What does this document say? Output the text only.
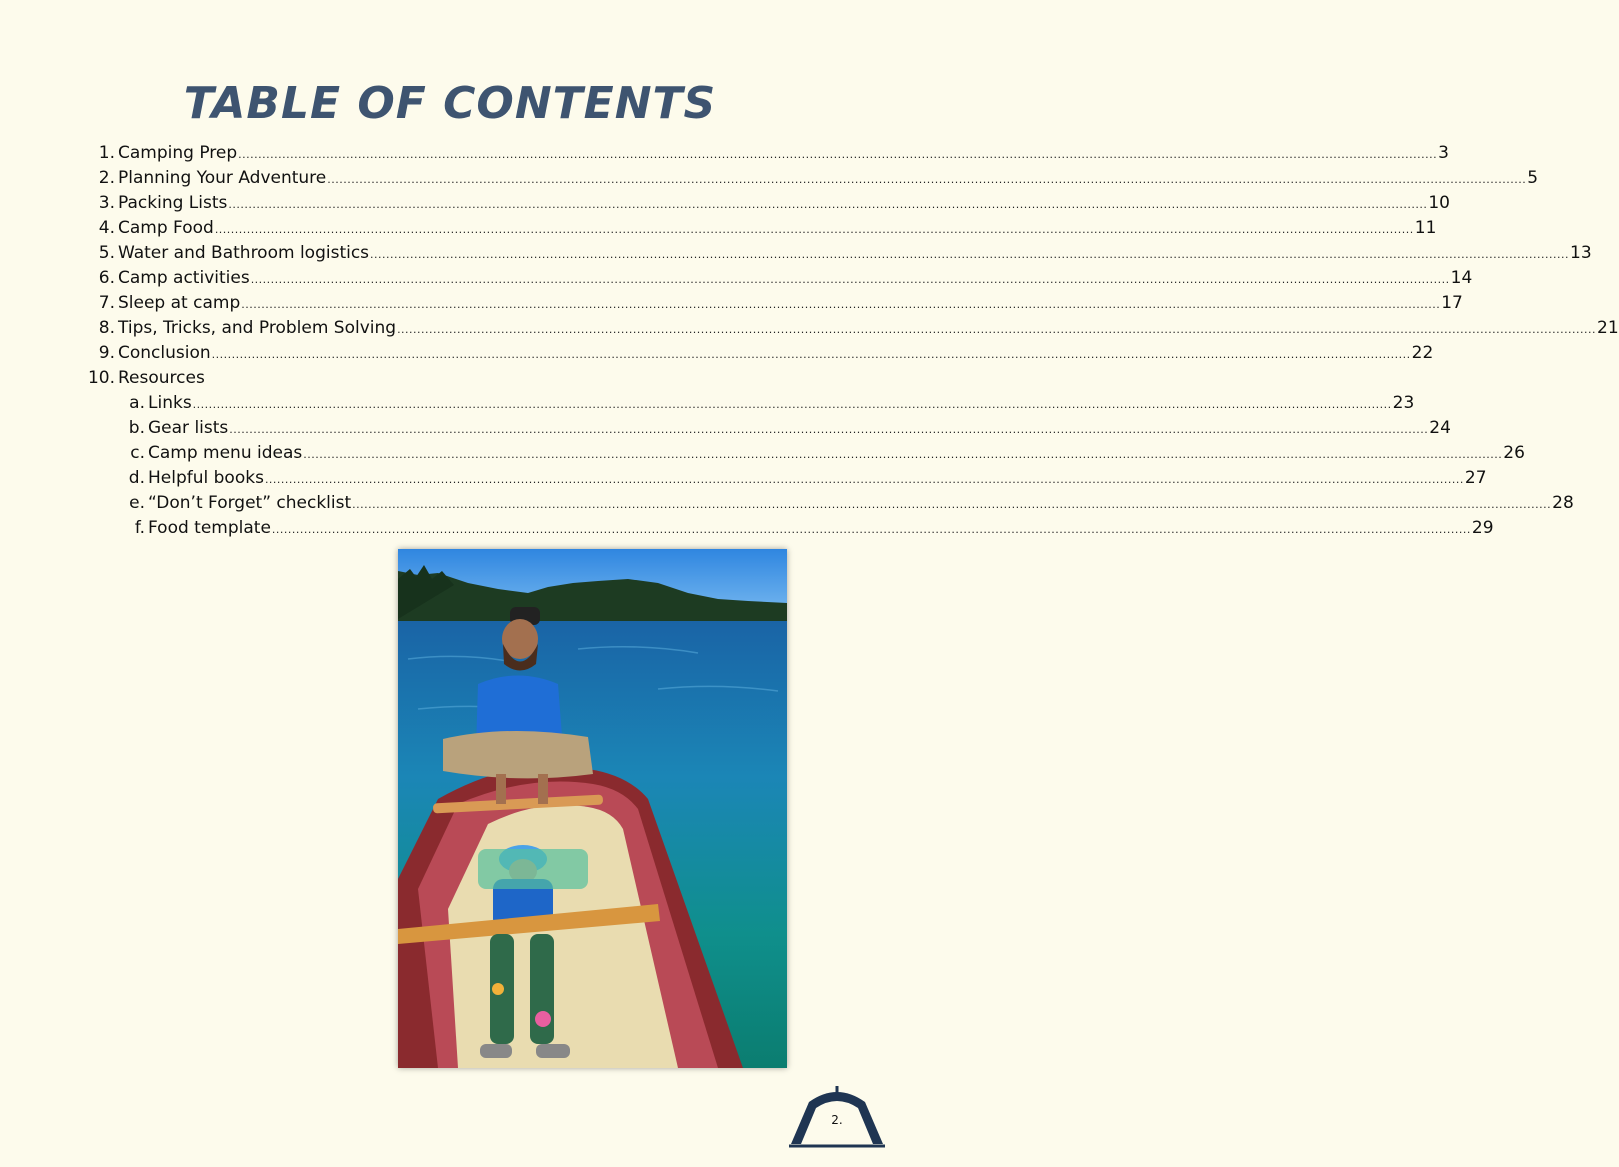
TABLE OF CONTENTS
1. Camping Prep ............................................................................................................................................................................................................................................................................................................ 3
2. Planning Your Adventure ............................................................................................................................................................................................................................................................................................................ 5
3. Packing Lists ............................................................................................................................................................................................................................................................................................................ 10
4. Camp Food ............................................................................................................................................................................................................................................................................................................ 11
5. Water and Bathroom logistics ............................................................................................................................................................................................................................................................................................................ 13
6. Camp activities ............................................................................................................................................................................................................................................................................................................ 14
7. Sleep at camp ............................................................................................................................................................................................................................................................................................................ 17
8. Tips, Tricks, and Problem Solving ............................................................................................................................................................................................................................................................................................................ 21
9. Conclusion ............................................................................................................................................................................................................................................................................................................ 22
10. Resources
a. Links ............................................................................................................................................................................................................................................................................................................ 23
b. Gear lists ............................................................................................................................................................................................................................................................................................................ 24
c. Camp menu ideas ............................................................................................................................................................................................................................................................................................................ 26
d. Helpful books ............................................................................................................................................................................................................................................................................................................ 27
e. “Don’t Forget” checklist ............................................................................................................................................................................................................................................................................................................ 28
f. Food template ............................................................................................................................................................................................................................................................................................................ 29
2.
